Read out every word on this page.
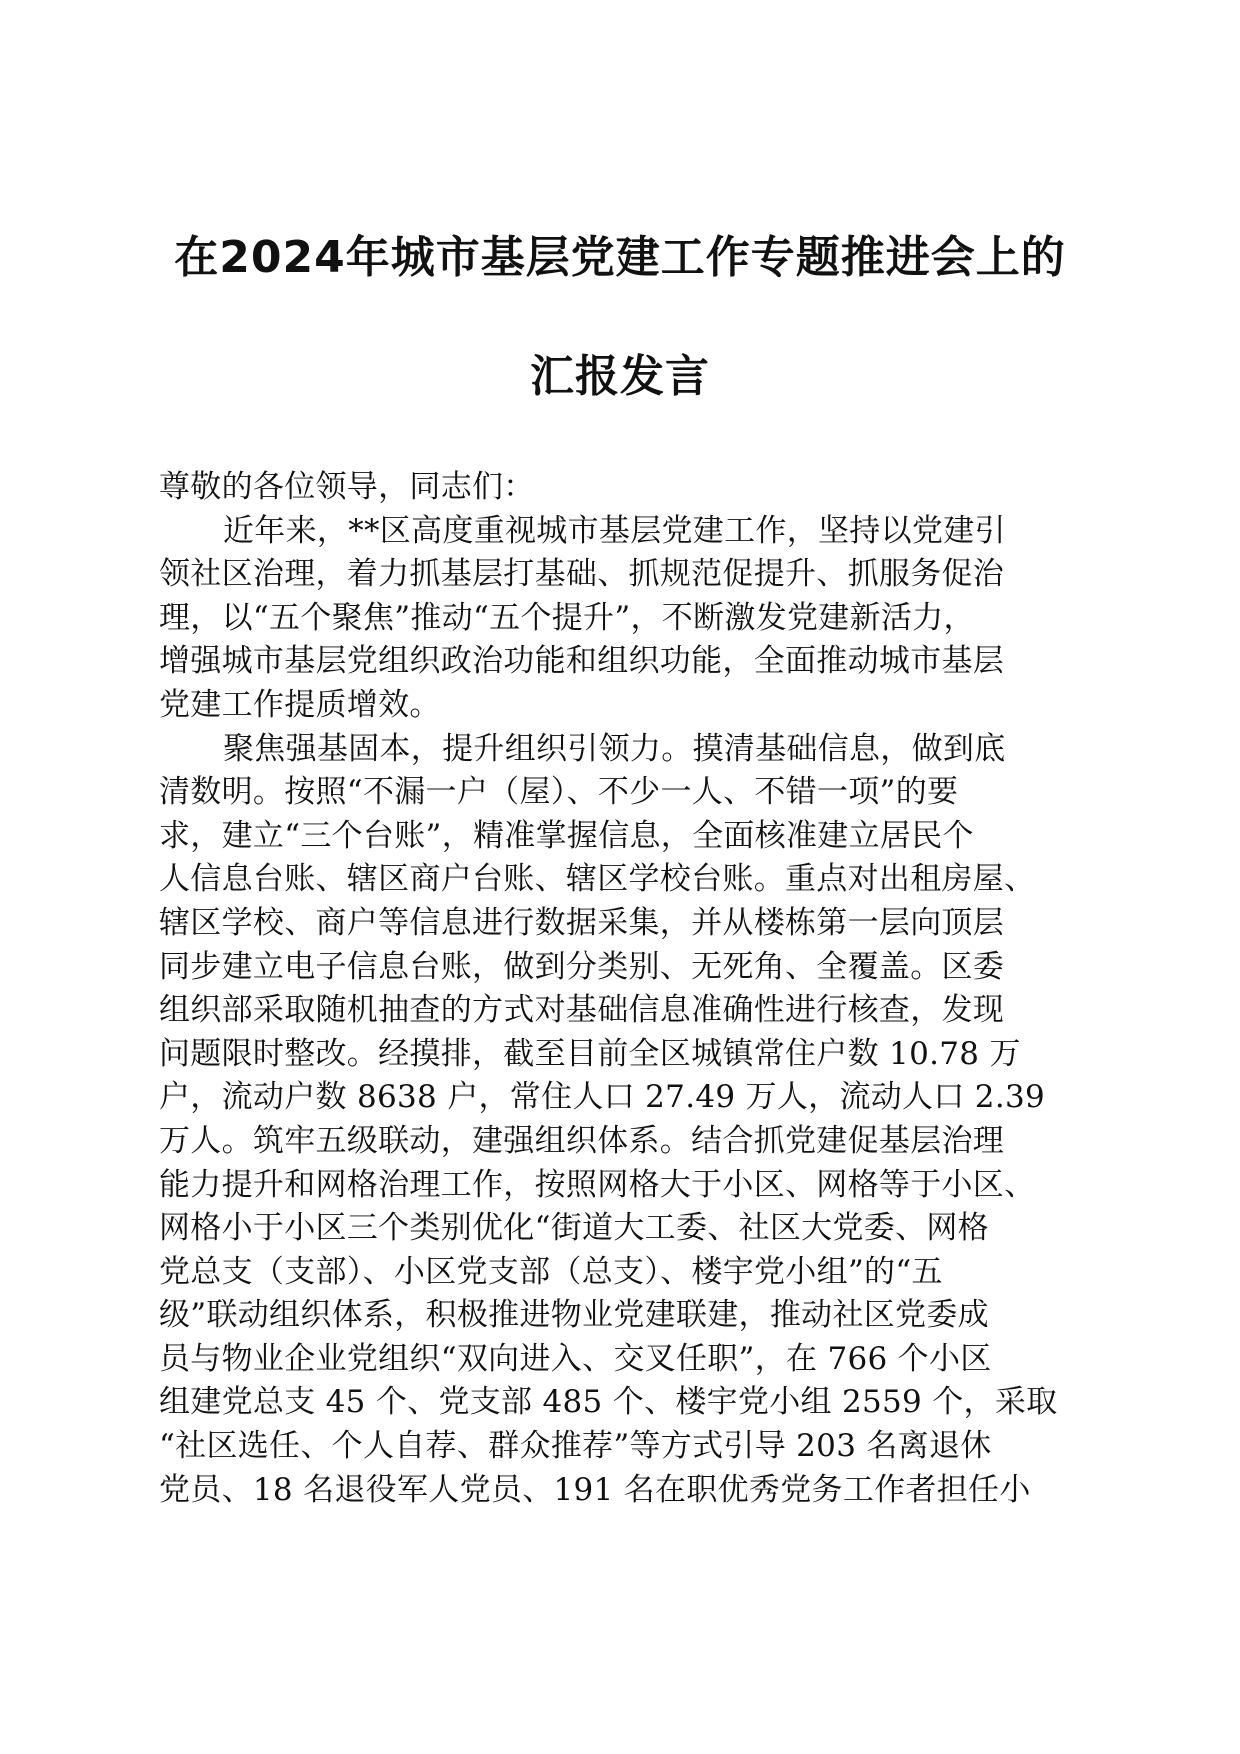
在2024年城市基层党建工作专题推进会上的
汇报发言
尊敬的各位领导，同志们：
近年来，**区高度重视城市基层党建工作，坚持以党建引
领社区治理，着力抓基层打基础、抓规范促提升、抓服务促治
理，以“五个聚焦”推动“五个提升”，不断激发党建新活力，
增强城市基层党组织政治功能和组织功能，全面推动城市基层
党建工作提质增效。
聚焦强基固本，提升组织引领力。摸清基础信息，做到底
清数明。按照“不漏一户（屋）、不少一人、不错一项”的要
求，建立“三个台账”，精准掌握信息，全面核准建立居民个
人信息台账、辖区商户台账、辖区学校台账。重点对出租房屋、
辖区学校、商户等信息进行数据采集，并从楼栋第一层向顶层
同步建立电子信息台账，做到分类别、无死角、全覆盖。区委
组织部采取随机抽查的方式对基础信息准确性进行核查，发现
问题限时整改。经摸排，截至目前全区城镇常住户数 10.78 万
户，流动户数 8638 户，常住人口 27.49 万人，流动人口 2.39
万人。筑牢五级联动，建强组织体系。结合抓党建促基层治理
能力提升和网格治理工作，按照网格大于小区、网格等于小区、
网格小于小区三个类别优化“街道大工委、社区大党委、网格
党总支（支部）、小区党支部（总支）、楼宇党小组”的“五
级”联动组织体系，积极推进物业党建联建，推动社区党委成
员与物业企业党组织“双向进入、交叉任职”，在 766 个小区
组建党总支 45 个、党支部 485 个、楼宇党小组 2559 个，采取
“社区选任、个人自荐、群众推荐”等方式引导 203 名离退休
党员、18 名退役军人党员、191 名在职优秀党务工作者担任小
